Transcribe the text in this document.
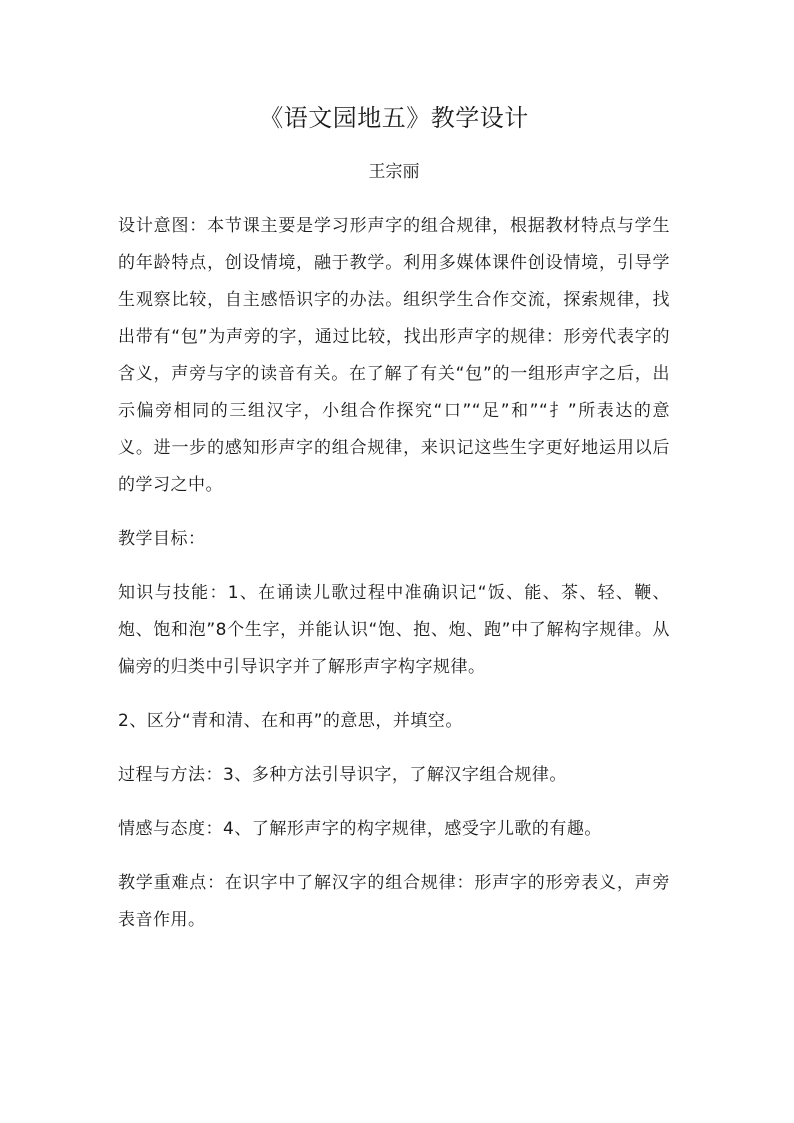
《语文园地五》教学设计
王宗丽

设计意图：本节课主要是学习形声字的组合规律，根据教材特点与学生的年龄特点，创设情境，融于教学。利用多媒体课件创设情境，引导学生观察比较，自主感悟识字的办法。组织学生合作交流，探索规律，找出带有“包”为声旁的字，通过比较，找出形声字的规律：形旁代表字的含义，声旁与字的读音有关。在了解了有关“包”的一组形声字之后，出示偏旁相同的三组汉字，小组合作探究“口”“足”和”“扌”所表达的意义。进一步的感知形声字的组合规律，来识记这些生字更好地运用以后的学习之中。

教学目标：

知识与技能：1、在诵读儿歌过程中准确识记“饭、能、茶、轻、鞭、炮、饱和泡”8个生字，并能认识“饱、抱、炮、跑”中了解构字规律。从偏旁的归类中引导识字并了解形声字构字规律。

2、区分“青和清、在和再”的意思，并填空。

过程与方法：3、多种方法引导识字，了解汉字组合规律。

情感与态度：4、了解形声字的构字规律，感受字儿歌的有趣。

教学重难点：在识字中了解汉字的组合规律：形声字的形旁表义，声旁表音作用。
